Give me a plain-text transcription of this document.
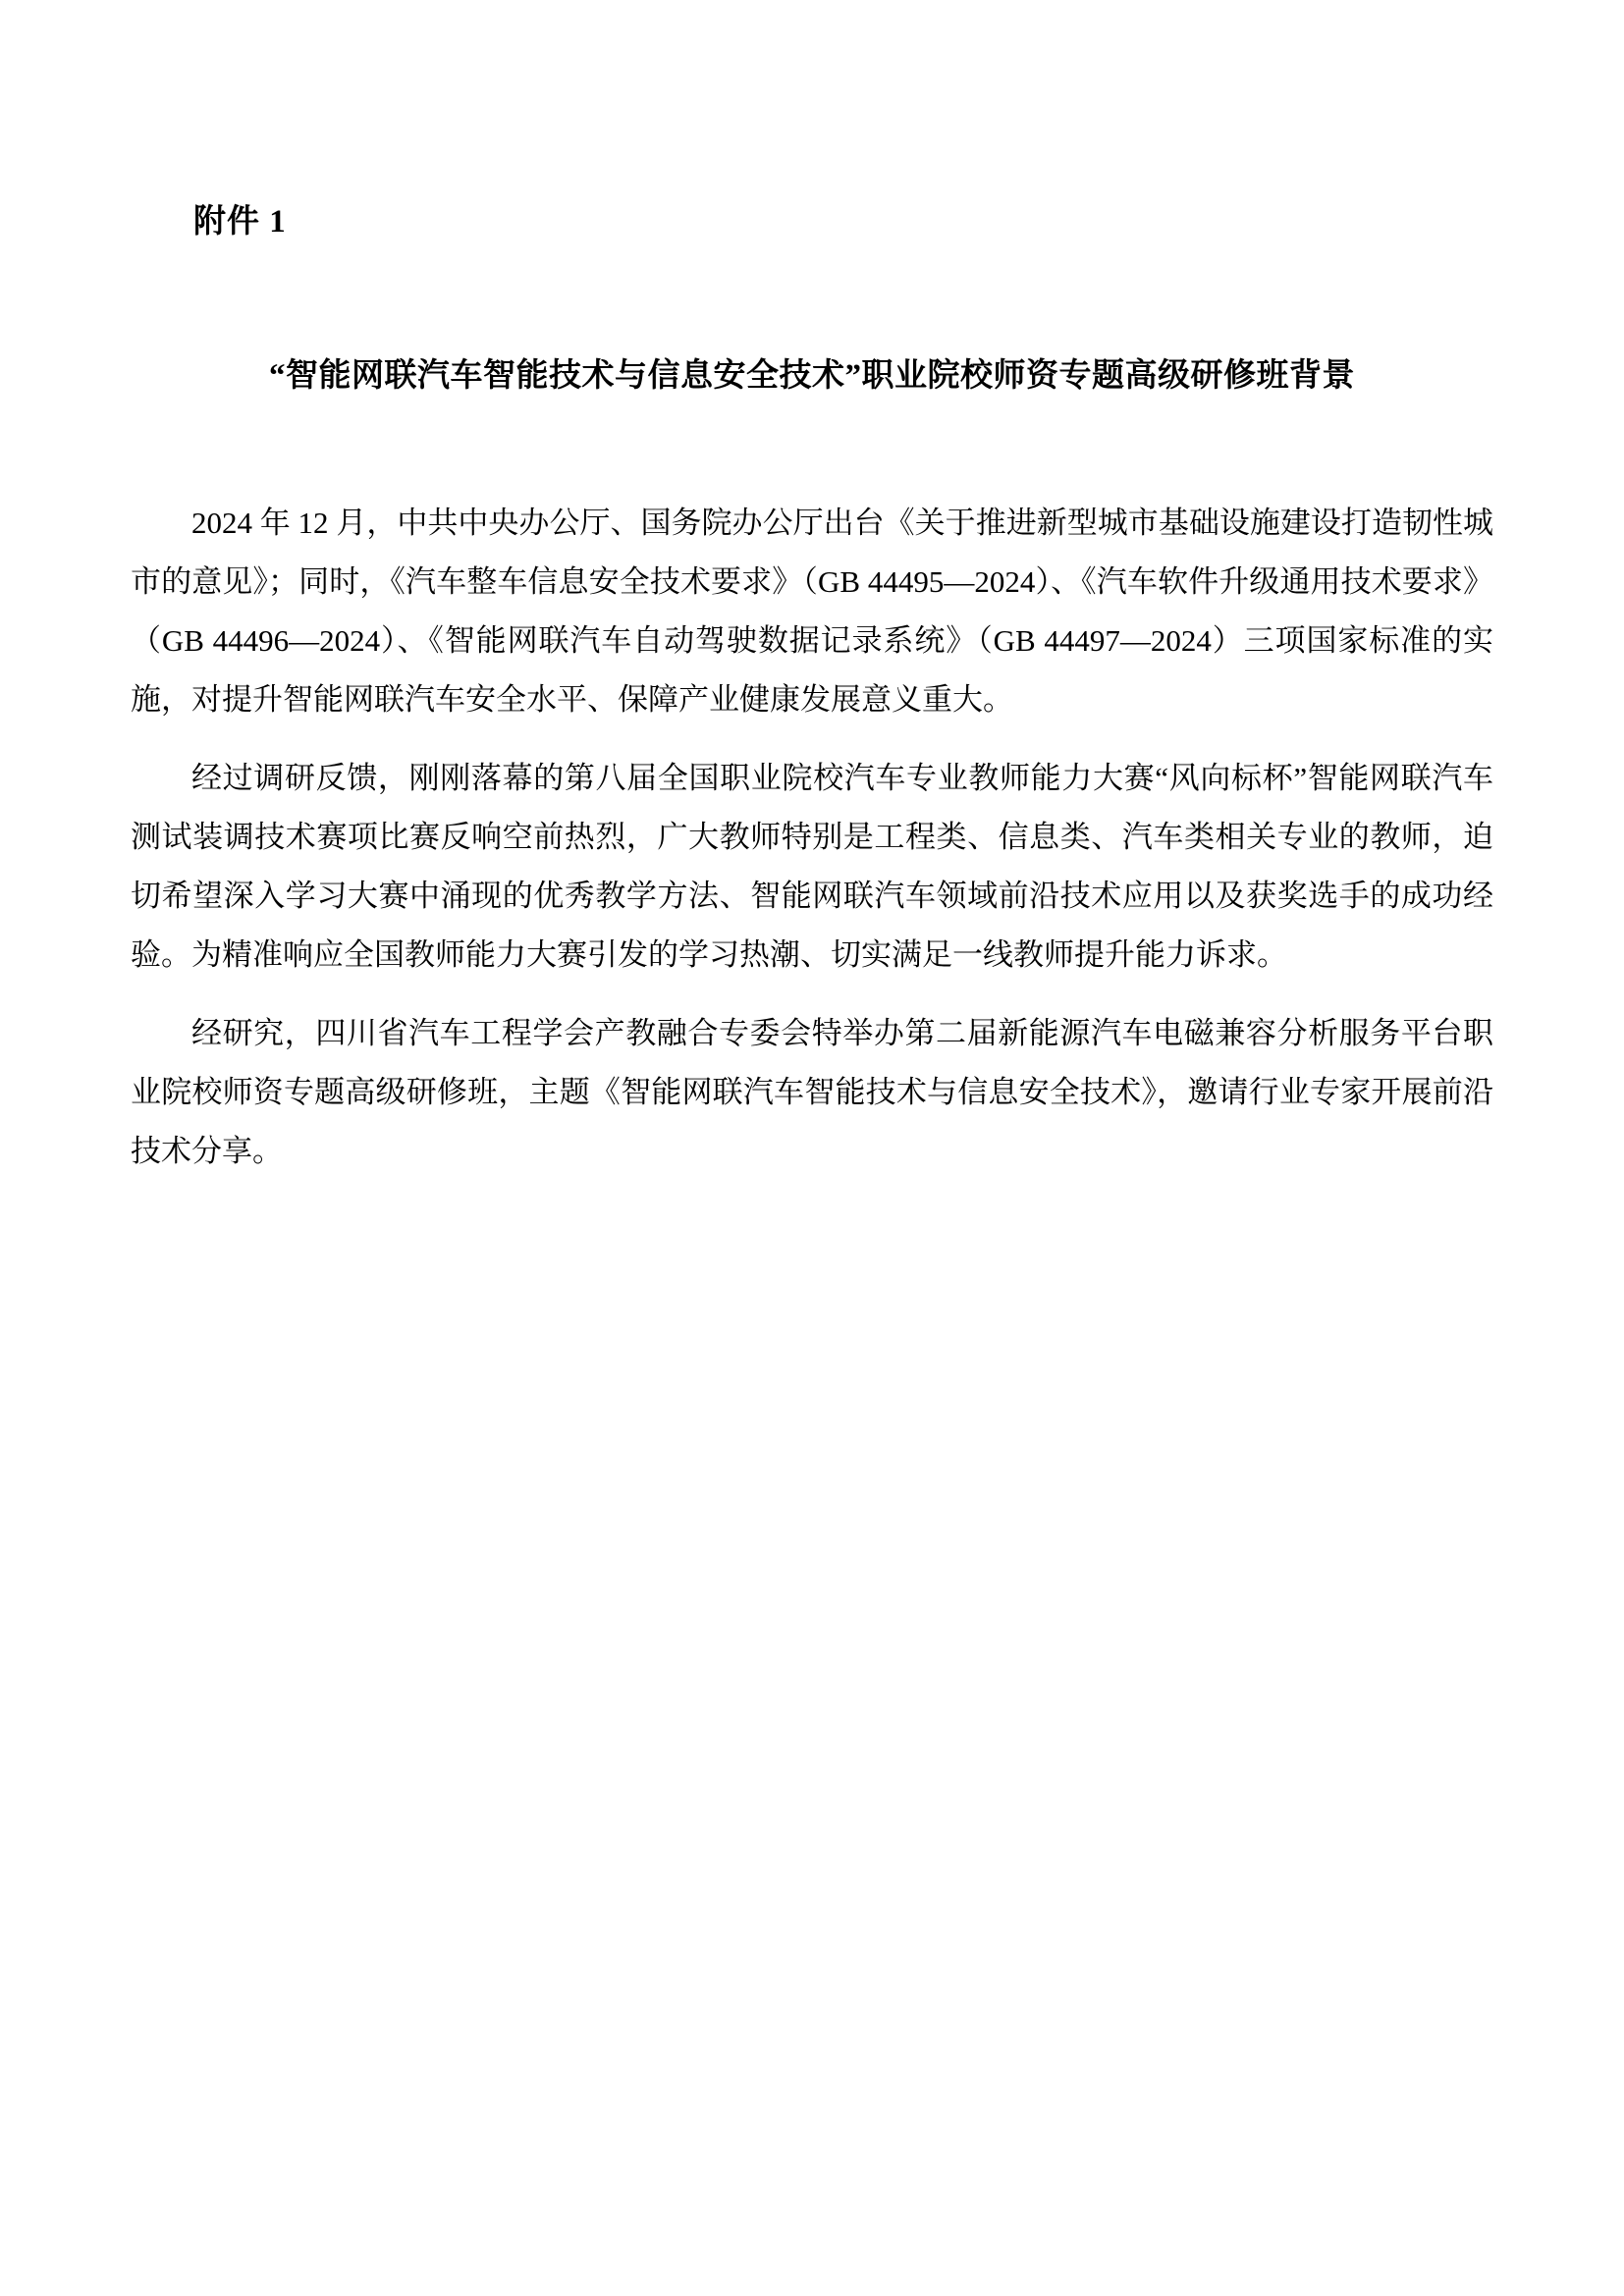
附件 1
“智能网联汽车智能技术与信息安全技术”职业院校师资专题高级研修班背景

2024 年 12 月，中共中央办公厅、国务院办公厅出台《关于推进新型城市基础设施建设打造韧性城市的意见》；同时，《汽车整车信息安全技术要求》（GB 44495—2024）、《汽车软件升级通用技术要求》（GB 44496—2024）、《智能网联汽车自动驾驶数据记录系统》（GB 44497—2024）三项国家标准的实施，对提升智能网联汽车安全水平、保障产业健康发展意义重大。

经过调研反馈，刚刚落幕的第八届全国职业院校汽车专业教师能力大赛“风向标杯”智能网联汽车测试装调技术赛项比赛反响空前热烈，广大教师特别是工程类、信息类、汽车类相关专业的教师，迫切希望深入学习大赛中涌现的优秀教学方法、智能网联汽车领域前沿技术应用以及获奖选手的成功经验。为精准响应全国教师能力大赛引发的学习热潮、切实满足一线教师提升能力诉求。

经研究，四川省汽车工程学会产教融合专委会特举办第二届新能源汽车电磁兼容分析服务平台职业院校师资专题高级研修班，主题《智能网联汽车智能技术与信息安全技术》，邀请行业专家开展前沿技术分享。
